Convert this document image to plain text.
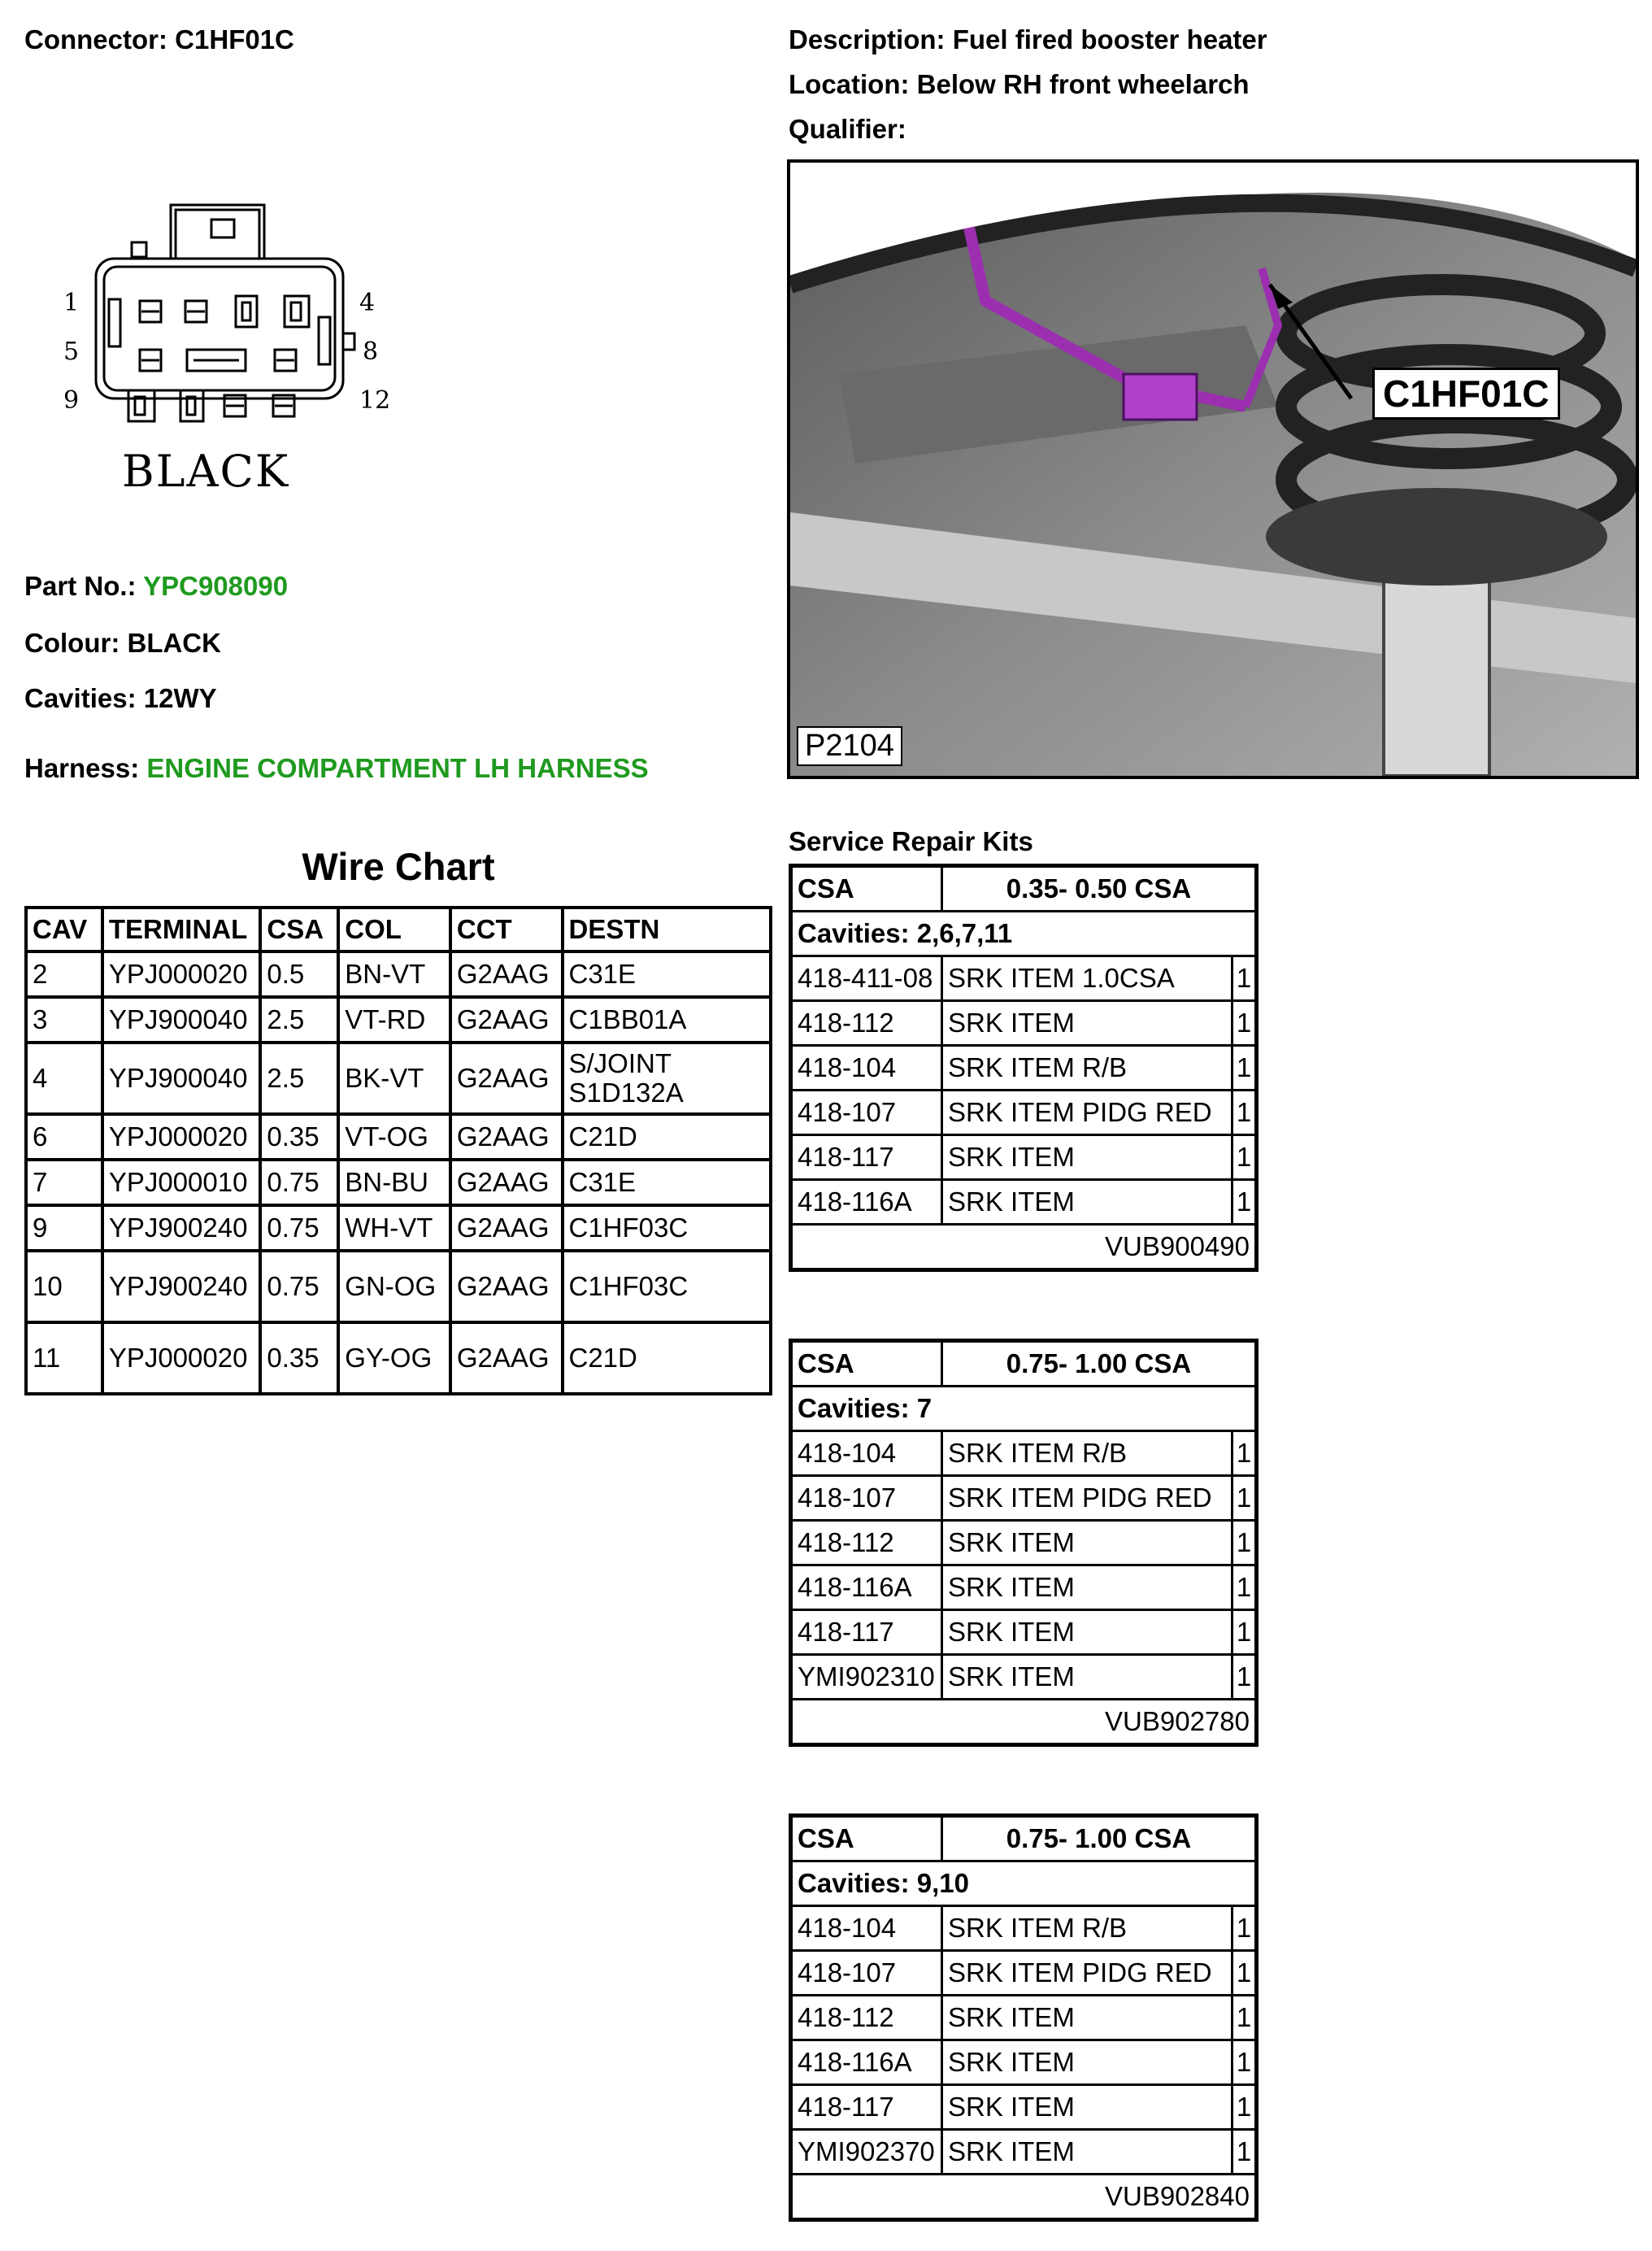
Connector: C1HF01C	Description: Fuel fired booster heater
Location: Below RH front wheelarch
Qualifier:
1	4
5	8
9	12
BLACK
Part No.: YPC908090
Colour: BLACK
Cavities: 12WY
Harness: ENGINE COMPARTMENT LH HARNESS
C1HF01C
P2104
Wire Chart
CAV	TERMINAL	CSA	COL	CCT	DESTN
2	YPJ000020	0.5	BN-VT	G2AAG	C31E
3	YPJ900040	2.5	VT-RD	G2AAG	C1BB01A
4	YPJ900040	2.5	BK-VT	G2AAG	S/JOINT S1D132A
6	YPJ000020	0.35	VT-OG	G2AAG	C21D
7	YPJ000010	0.75	BN-BU	G2AAG	C31E
9	YPJ900240	0.75	WH-VT	G2AAG	C1HF03C
10	YPJ900240	0.75	GN-OG	G2AAG	C1HF03C
11	YPJ000020	0.35	GY-OG	G2AAG	C21D
Service Repair Kits
CSA	0.35- 0.50 CSA	
Cavities: 2,6,7,11		
418-411-08	SRK ITEM 1.0CSA	1
418-112	SRK ITEM	1
418-104	SRK ITEM R/B	1
418-107	SRK ITEM PIDG RED	1
418-117	SRK ITEM	1
418-116A	SRK ITEM	1
VUB900490		
CSA	0.75- 1.00 CSA	
Cavities: 7		
418-104	SRK ITEM R/B	1
418-107	SRK ITEM PIDG RED	1
418-112	SRK ITEM	1
418-116A	SRK ITEM	1
418-117	SRK ITEM	1
YMI902310	SRK ITEM	1
VUB902780		
CSA	0.75- 1.00 CSA	
Cavities: 9,10		
418-104	SRK ITEM R/B	1
418-107	SRK ITEM PIDG RED	1
418-112	SRK ITEM	1
418-116A	SRK ITEM	1
418-117	SRK ITEM	1
YMI902370	SRK ITEM	1
VUB902840		
